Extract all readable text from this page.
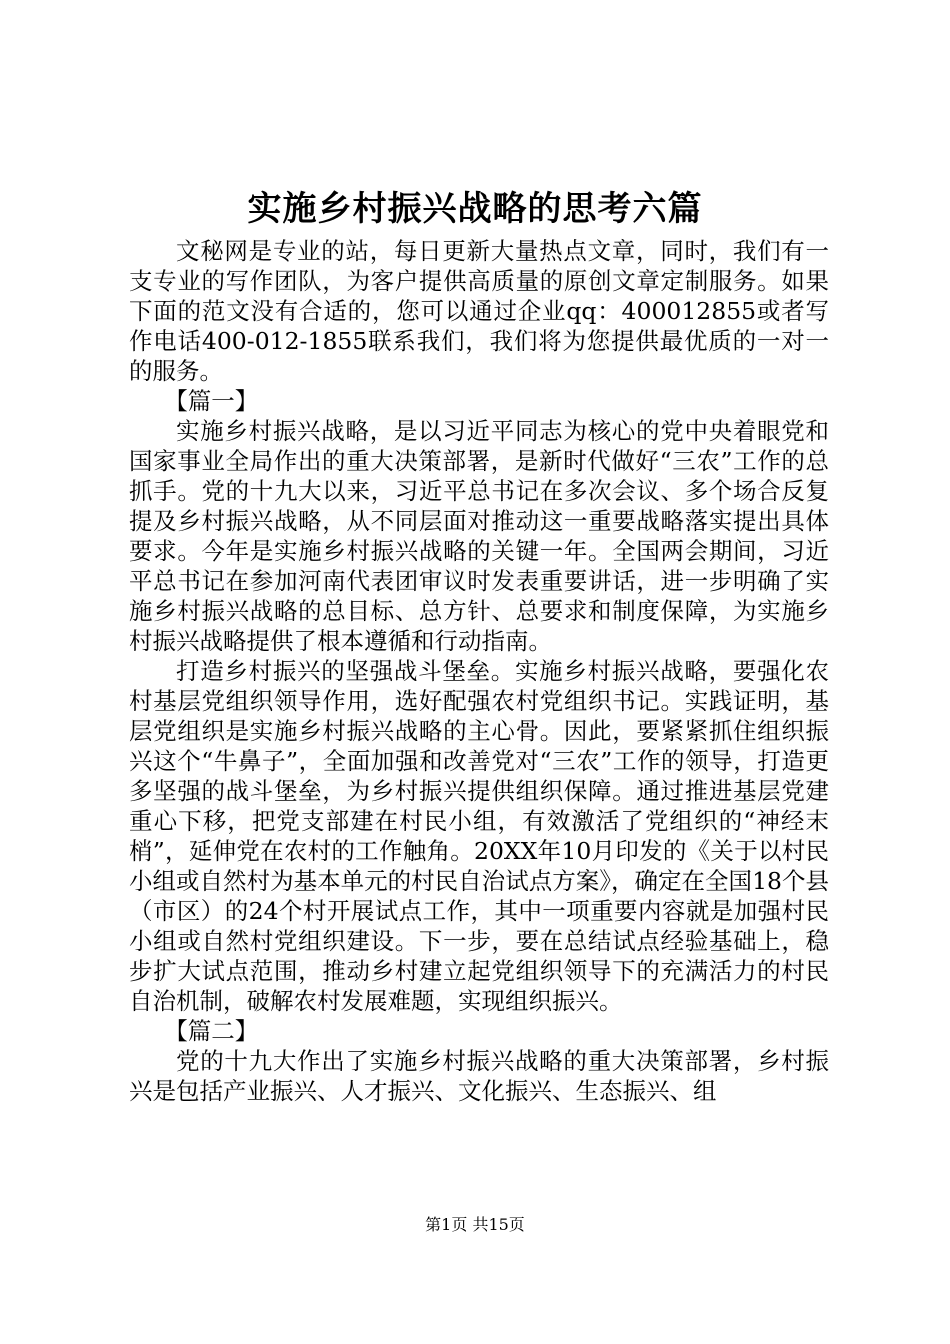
实施乡村振兴战略的思考六篇

文秘网是专业的站，每日更新大量热点文章，同时，我们有一支专业的写作团队，为客户提供高质量的原创文章定制服务。如果下面的范文没有合适的，您可以通过企业qq：400012855或者写作电话400-012-1855联系我们，我们将为您提供最优质的一对一的服务。

【篇一】

实施乡村振兴战略，是以习近平同志为核心的党中央着眼党和国家事业全局作出的重大决策部署，是新时代做好“三农”工作的总抓手。党的十九大以来，习近平总书记在多次会议、多个场合反复提及乡村振兴战略，从不同层面对推动这一重要战略落实提出具体要求。今年是实施乡村振兴战略的关键一年。全国两会期间，习近平总书记在参加河南代表团审议时发表重要讲话，进一步明确了实施乡村振兴战略的总目标、总方针、总要求和制度保障，为实施乡村振兴战略提供了根本遵循和行动指南。

打造乡村振兴的坚强战斗堡垒。实施乡村振兴战略，要强化农村基层党组织领导作用，选好配强农村党组织书记。实践证明，基层党组织是实施乡村振兴战略的主心骨。因此，要紧紧抓住组织振兴这个“牛鼻子”，全面加强和改善党对“三农”工作的领导，打造更多坚强的战斗堡垒，为乡村振兴提供组织保障。通过推进基层党建重心下移，把党支部建在村民小组，有效激活了党组织的“神经末梢”，延伸党在农村的工作触角。20XX年10月印发的《关于以村民小组或自然村为基本单元的村民自治试点方案》，确定在全国18个县（市区）的24个村开展试点工作，其中一项重要内容就是加强村民小组或自然村党组织建设。下一步，要在总结试点经验基础上，稳步扩大试点范围，推动乡村建立起党组织领导下的充满活力的村民自治机制，破解农村发展难题，实现组织振兴。

【篇二】

党的十九大作出了实施乡村振兴战略的重大决策部署，乡村振兴是包括产业振兴、人才振兴、文化振兴、生态振兴、组

第1页 共15页
